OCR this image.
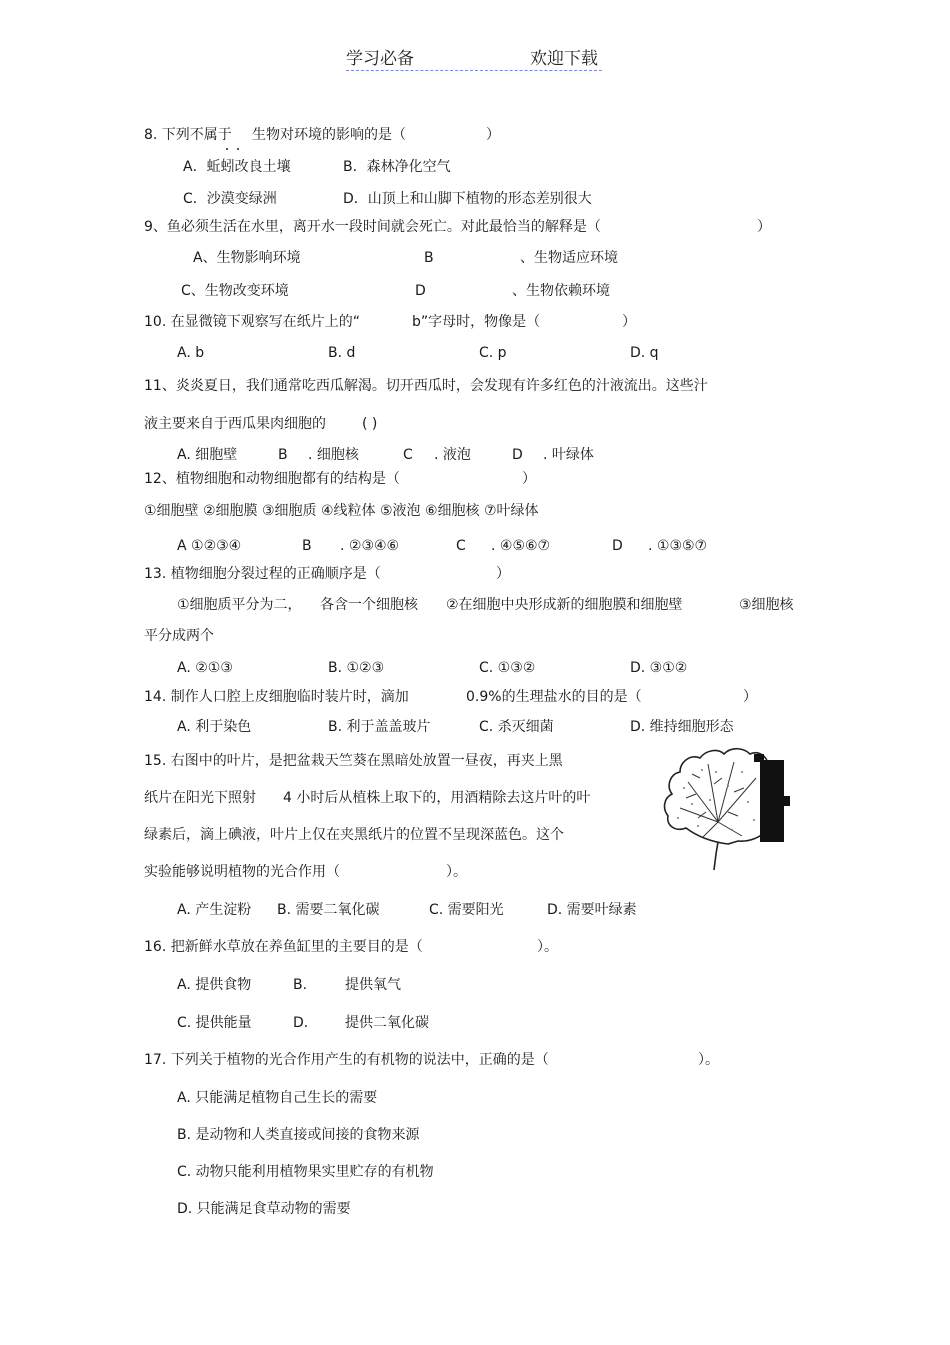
学习必备	欢迎下载
8. 下列不属于 生物对环境的影响的是（	）
A．蚯蚓改良土壤	B．森林净化空气
C．沙漠变绿洲	D．山顶上和山脚下植物的形态差别很大
9、鱼必须生活在水里，离开水一段时间就会死亡。对此最恰当的解释是（	）
A、生物影响环境	B	、生物适应环境
C、生物改变环境	D	、生物依赖环境
10. 在显微镜下观察写在纸片上的“	b”字母时，物像是（	）
A. b	B. d	C. p	D. q
11、炎炎夏日，我们通常吃西瓜解渴。切开西瓜时，会发现有许多红色的汁液流出。这些汁
液主要来自于西瓜果肉细胞的	( )
A. 细胞壁	B . 细胞核	C . 液泡	D . 叶绿体
12、植物细胞和动物细胞都有的结构是（	）
①细胞壁 ②细胞膜 ③细胞质 ④线粒体 ⑤液泡 ⑥细胞核 ⑦叶绿体
A ①②③④	B . ②③④⑥	C . ④⑤⑥⑦	D . ①③⑤⑦
13. 植物细胞分裂过程的正确顺序是（	）
①细胞质平分为二， 各含一个细胞核 ②在细胞中央形成新的细胞膜和细胞壁	③细胞核
平分成两个
A. ②①③	B. ①②③	C. ①③②	D. ③①②
14. 制作人口腔上皮细胞临时装片时，滴加	0.9%的生理盐水的目的是（	）
A. 利于染色	B. 利于盖盖玻片	C. 杀灭细菌	D. 维持细胞形态
15. 右图中的叶片，是把盆栽天竺葵在黑暗处放置一昼夜，再夹上黑
纸片在阳光下照射 4 小时后从植株上取下的，用酒精除去这片叶的叶
绿素后，滴上碘液，叶片上仅在夹黑纸片的位置不呈现深蓝色。这个
实验能够说明植物的光合作用（	）。
A. 产生淀粉 B. 需要二氧化碳	C. 需要阳光	D. 需要叶绿素
16. 把新鲜水草放在养鱼缸里的主要目的是（	）。
A. 提供食物	B.	提供氧气
C. 提供能量	D.	提供二氧化碳
17. 下列关于植物的光合作用产生的有机物的说法中，正确的是（	）。
A. 只能满足植物自己生长的需要
B. 是动物和人类直接或间接的食物来源
C. 动物只能利用植物果实里贮存的有机物
D. 只能满足食草动物的需要
